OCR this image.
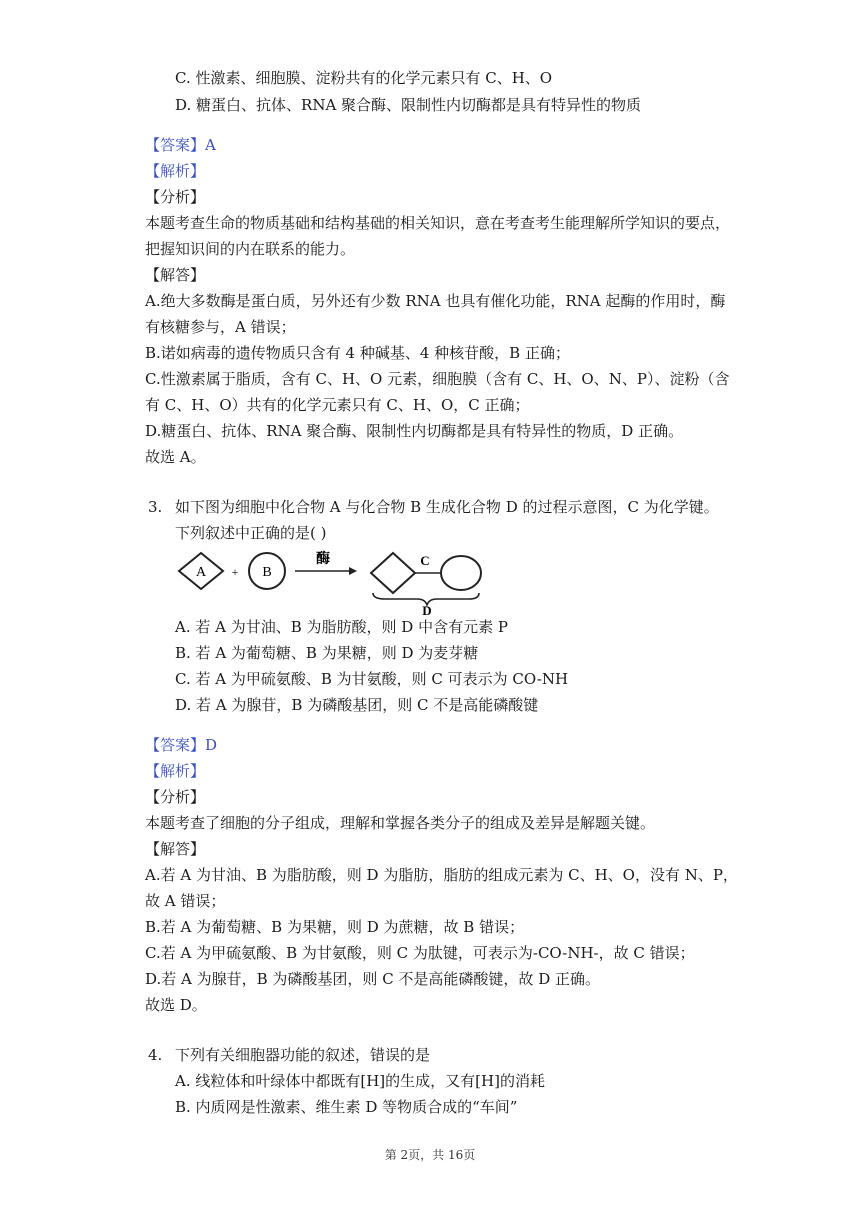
C. 性激素、细胞膜、淀粉共有的化学元素只有 C、H、O
D. 糖蛋白、抗体、RNA 聚合酶、限制性内切酶都是具有特异性的物质
【答案】A
【解析】
【分析】
本题考查生命的物质基础和结构基础的相关知识，意在考查考生能理解所学知识的要点，
把握知识间的内在联系的能力。
【解答】
A.绝大多数酶是蛋白质，另外还有少数 RNA 也具有催化功能，RNA 起酶的作用时，酶
有核糖参与，A 错误；
B.诺如病毒的遗传物质只含有 4 种碱基、4 种核苷酸，B 正确；
C.性激素属于脂质，含有 C、H、O 元素，细胞膜（含有 C、H、O、N、P）、淀粉（含
有 C、H、O）共有的化学元素只有 C、H、O，C 正确；
D.糖蛋白、抗体、RNA 聚合酶、限制性内切酶都是具有特异性的物质，D 正确。
故选 A。
3. 如下图为细胞中化合物 A 与化合物 B 生成化合物 D 的过程示意图，C 为化学键。
下列叙述中正确的是( )
A + B
酶	C
D
A. 若 A 为甘油、B 为脂肪酸，则 D 中含有元素 P
B. 若 A 为葡萄糖、B 为果糖，则 D 为麦芽糖
C. 若 A 为甲硫氨酸、B 为甘氨酸，则 C 可表示为 CO-NH
D. 若 A 为腺苷，B 为磷酸基团，则 C 不是高能磷酸键
【答案】D
【解析】
【分析】
本题考查了细胞的分子组成，理解和掌握各类分子的组成及差异是解题关键。
【解答】
A.若 A 为甘油、B 为脂肪酸，则 D 为脂肪，脂肪的组成元素为 C、H、O，没有 N、P，
故 A 错误；
B.若 A 为葡萄糖、B 为果糖，则 D 为蔗糖，故 B 错误；
C.若 A 为甲硫氨酸、B 为甘氨酸，则 C 为肽键，可表示为-CO-NH-，故 C 错误；
D.若 A 为腺苷，B 为磷酸基团，则 C 不是高能磷酸键，故 D 正确。
故选 D。
4. 下列有关细胞器功能的叙述，错误的是
A. 线粒体和叶绿体中都既有[H]的生成，又有[H]的消耗
B. 内质网是性激素、维生素 D 等物质合成的“车间”
第 2页，共 16页
